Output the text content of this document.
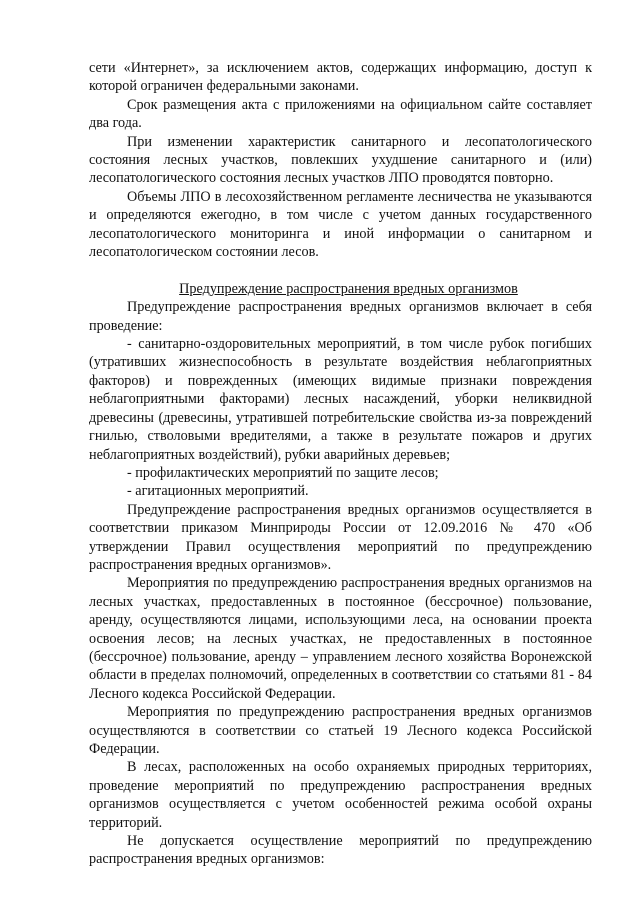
сети «Интернет», за исключением актов, содержащих информацию, доступ к которой ограничен федеральными законами.

Срок размещения акта с приложениями на официальном сайте составляет два года.

При изменении характеристик санитарного и лесопатологического состояния лесных участков, повлекших ухудшение санитарного и (или) лесопатологического состояния лесных участков ЛПО проводятся повторно.

Объемы ЛПО в лесохозяйственном регламенте лесничества не указываются и определяются ежегодно, в том числе с учетом данных государственного лесопатологического мониторинга и иной информации о санитарном и лесопатологическом состоянии лесов.

Предупреждение распространения вредных организмов

Предупреждение распространения вредных организмов включает в себя проведение:

- санитарно-оздоровительных мероприятий, в том числе рубок погибших (утративших жизнеспособность в результате воздействия неблагоприятных факторов) и поврежденных (имеющих видимые признаки повреждения неблагоприятными факторами) лесных насаждений, уборки неликвидной древесины (древесины, утратившей потребительские свойства из-за повреждений гнилью, стволовыми вредителями, а также в результате пожаров и других неблагоприятных воздействий), рубки аварийных деревьев;

- профилактических мероприятий по защите лесов;

- агитационных мероприятий.

Предупреждение распространения вредных организмов осуществляется в соответствии приказом Минприроды России от 12.09.2016 № 470 «Об утверждении Правил осуществления мероприятий по предупреждению распространения вредных организмов».

Мероприятия по предупреждению распространения вредных организмов на лесных участках, предоставленных в постоянное (бессрочное) пользование, аренду, осуществляются лицами, использующими леса, на основании проекта освоения лесов; на лесных участках, не предоставленных в постоянное (бессрочное) пользование, аренду – управлением лесного хозяйства Воронежской области в пределах полномочий, определенных в соответствии со статьями 81 - 84 Лесного кодекса Российской Федерации.

Мероприятия по предупреждению распространения вредных организмов осуществляются в соответствии со статьей 19 Лесного кодекса Российской Федерации.

В лесах, расположенных на особо охраняемых природных территориях, проведение мероприятий по предупреждению распространения вредных организмов осуществляется с учетом особенностей режима особой охраны территорий.

Не допускается осуществление мероприятий по предупреждению распространения вредных организмов:
